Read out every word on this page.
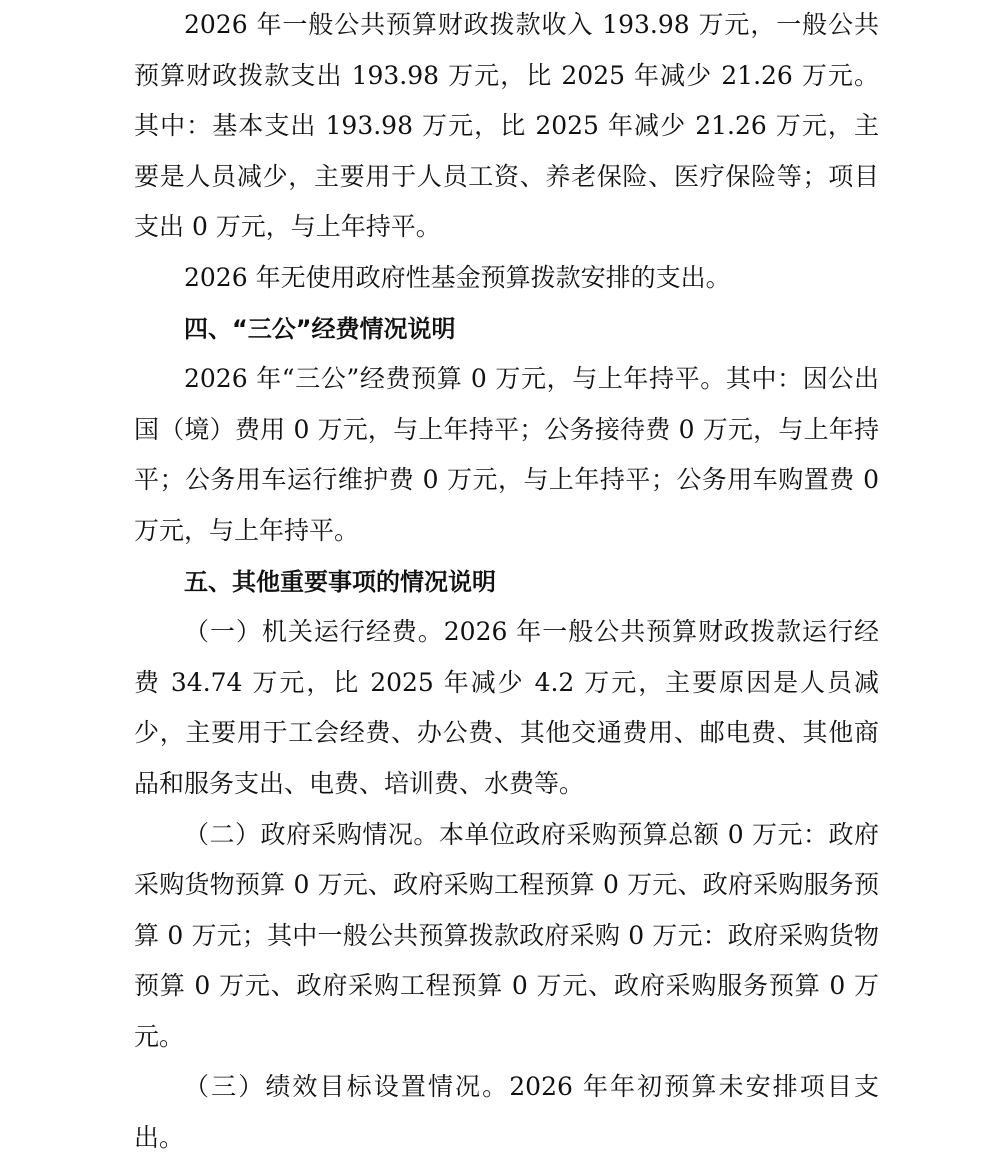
2026 年一般公共预算财政拨款收入 193.98 万元，一般公共预算财政拨款支出 193.98 万元，比 2025 年减少 21.26 万元。其中：基本支出 193.98 万元，比 2025 年减少 21.26 万元，主要是人员减少，主要用于人员工资、养老保险、医疗保险等；项目支出 0 万元，与上年持平。

2026 年无使用政府性基金预算拨款安排的支出。

四、“三公”经费情况说明

2026 年“三公”经费预算 0 万元，与上年持平。其中：因公出国（境）费用 0 万元，与上年持平；公务接待费 0 万元，与上年持平；公务用车运行维护费 0 万元，与上年持平；公务用车购置费 0 万元，与上年持平。

五、其他重要事项的情况说明

（一）机关运行经费。2026 年一般公共预算财政拨款运行经费 34.74 万元，比 2025 年减少 4.2 万元，主要原因是人员减少，主要用于工会经费、办公费、其他交通费用、邮电费、其他商品和服务支出、电费、培训费、水费等。

（二）政府采购情况。本单位政府采购预算总额 0 万元：政府采购货物预算 0 万元、政府采购工程预算 0 万元、政府采购服务预算 0 万元；其中一般公共预算拨款政府采购 0 万元：政府采购货物预算 0 万元、政府采购工程预算 0 万元、政府采购服务预算 0 万元。

（三）绩效目标设置情况。2026 年年初预算未安排项目支出。
